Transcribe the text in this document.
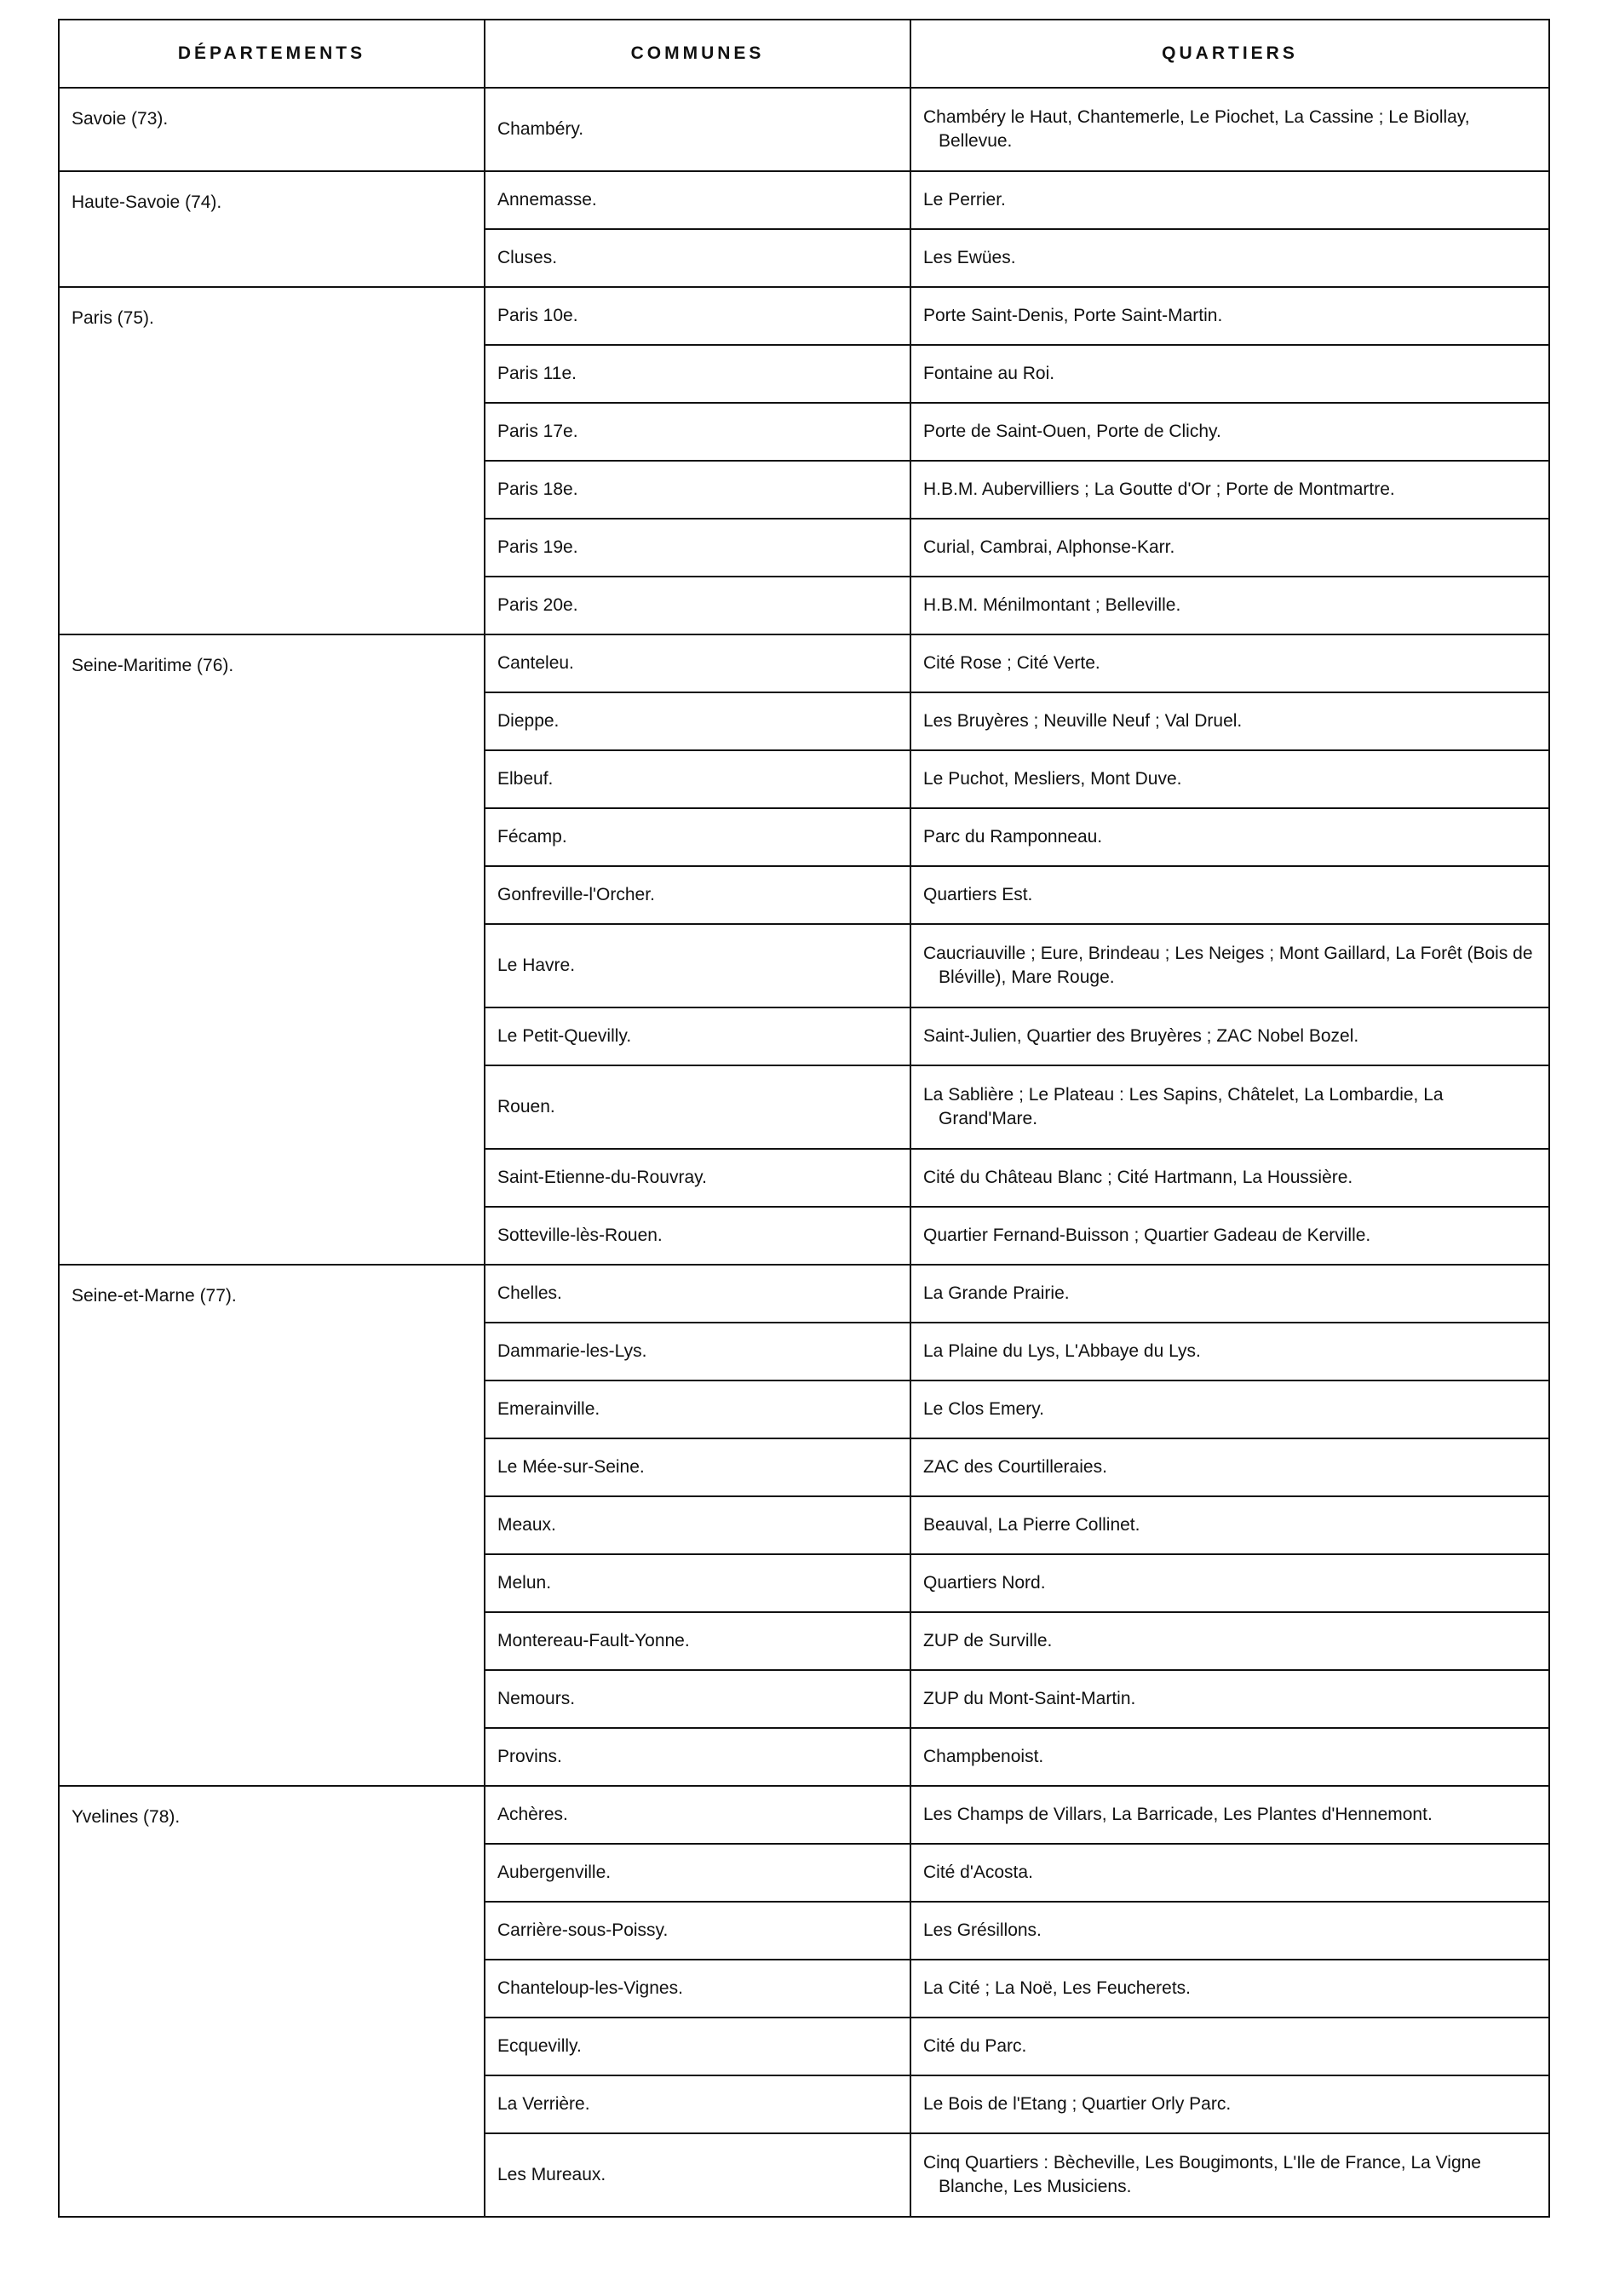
DÉPARTEMENTS	COMMUNES	QUARTIERS
Savoie (73).	Chambéry.	Chambéry le Haut, Chantemerle, Le Piochet, La Cassine ; Le Biollay, Bellevue.

Haute-Savoie (74).	Annemasse.	Le Perrier.

	Cluses.	Les Ewües.

Paris (75).	Paris 10e.	Porte Saint-Denis, Porte Saint-Martin.

	Paris 11e.	Fontaine au Roi.

	Paris 17e.	Porte de Saint-Ouen, Porte de Clichy.

	Paris 18e.	H.B.M. Aubervilliers ; La Goutte d'Or ; Porte de Montmartre.

	Paris 19e.	Curial, Cambrai, Alphonse-Karr.

	Paris 20e.	H.B.M. Ménilmontant ; Belleville.

Seine-Maritime (76).	Canteleu.	Cité Rose ; Cité Verte.

	Dieppe.	Les Bruyères ; Neuville Neuf ; Val Druel.

	Elbeuf.	Le Puchot, Mesliers, Mont Duve.

	Fécamp.	Parc du Ramponneau.

	Gonfreville-l'Orcher.	Quartiers Est.

	Le Havre.	Caucriauville ; Eure, Brindeau ; Les Neiges ; Mont Gaillard, La Forêt (Bois de Bléville), Mare Rouge.

	Le Petit-Quevilly.	Saint-Julien, Quartier des Bruyères ; ZAC Nobel Bozel.

	Rouen.	La Sablière ; Le Plateau : Les Sapins, Châtelet, La Lombardie, La Grand'Mare.

	Saint-Etienne-du-Rouvray.	Cité du Château Blanc ; Cité Hartmann, La Houssière.

	Sotteville-lès-Rouen.	Quartier Fernand-Buisson ; Quartier Gadeau de Kerville.

Seine-et-Marne (77).	Chelles.	La Grande Prairie.

	Dammarie-les-Lys.	La Plaine du Lys, L'Abbaye du Lys.

	Emerainville.	Le Clos Emery.

	Le Mée-sur-Seine.	ZAC des Courtilleraies.

	Meaux.	Beauval, La Pierre Collinet.

	Melun.	Quartiers Nord.

	Montereau-Fault-Yonne.	ZUP de Surville.

	Nemours.	ZUP du Mont-Saint-Martin.

	Provins.	Champbenoist.

Yvelines (78).	Achères.	Les Champs de Villars, La Barricade, Les Plantes d'Hennemont.

	Aubergenville.	Cité d'Acosta.

	Carrière-sous-Poissy.	Les Grésillons.

	Chanteloup-les-Vignes.	La Cité ; La Noë, Les Feucherets.

	Ecquevilly.	Cité du Parc.

	La Verrière.	Le Bois de l'Etang ; Quartier Orly Parc.

	Les Mureaux.	Cinq Quartiers : Bècheville, Les Bougimonts, L'Ile de France, La Vigne Blanche, Les Musiciens.
